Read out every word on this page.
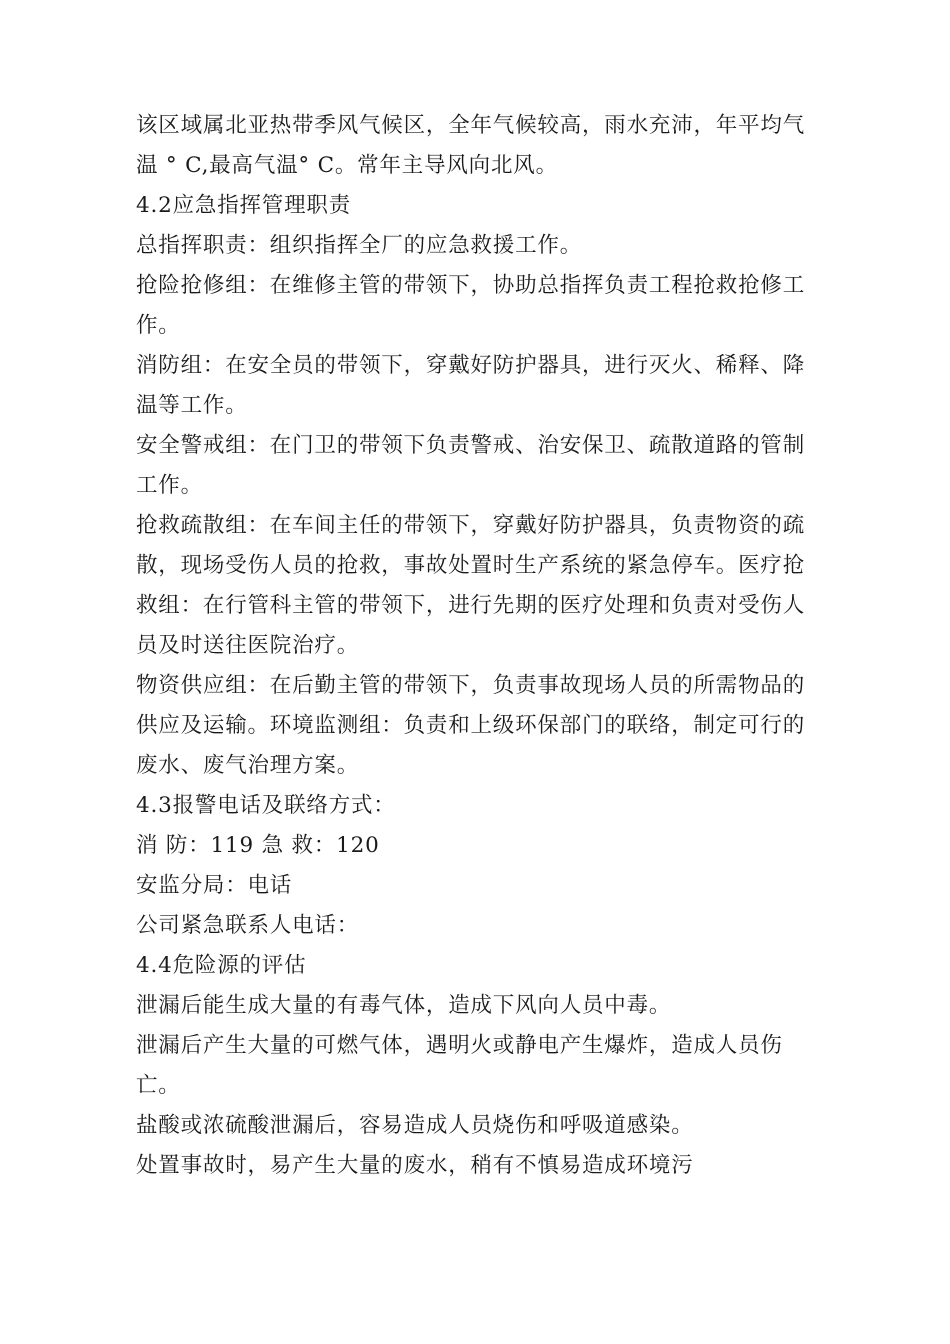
该区域属北亚热带季风气候区，全年气候较高，雨水充沛，年平均气
温 ° C,最高气温° C。常年主导风向北风。
4.2应急指挥管理职责
总指挥职责：组织指挥全厂的应急救援工作。
抢险抢修组：在维修主管的带领下，协助总指挥负责工程抢救抢修工
作。
消防组：在安全员的带领下，穿戴好防护器具，进行灭火、稀释、降
温等工作。
安全警戒组：在门卫的带领下负责警戒、治安保卫、疏散道路的管制
工作。
抢救疏散组：在车间主任的带领下，穿戴好防护器具，负责物资的疏
散，现场受伤人员的抢救，事故处置时生产系统的紧急停车。医疗抢
救组：在行管科主管的带领下，进行先期的医疗处理和负责对受伤人
员及时送往医院治疗。
物资供应组：在后勤主管的带领下，负责事故现场人员的所需物品的
供应及运输。环境监测组：负责和上级环保部门的联络，制定可行的
废水、废气治理方案。
4.3报警电话及联络方式：
消 防：119 急 救：120
安监分局：电话
公司紧急联系人电话：
4.4危险源的评估
泄漏后能生成大量的有毒气体，造成下风向人员中毒。
泄漏后产生大量的可燃气体，遇明火或静电产生爆炸，造成人员伤
亡。
盐酸或浓硫酸泄漏后，容易造成人员烧伤和呼吸道感染。
处置事故时，易产生大量的废水，稍有不慎易造成环境污
